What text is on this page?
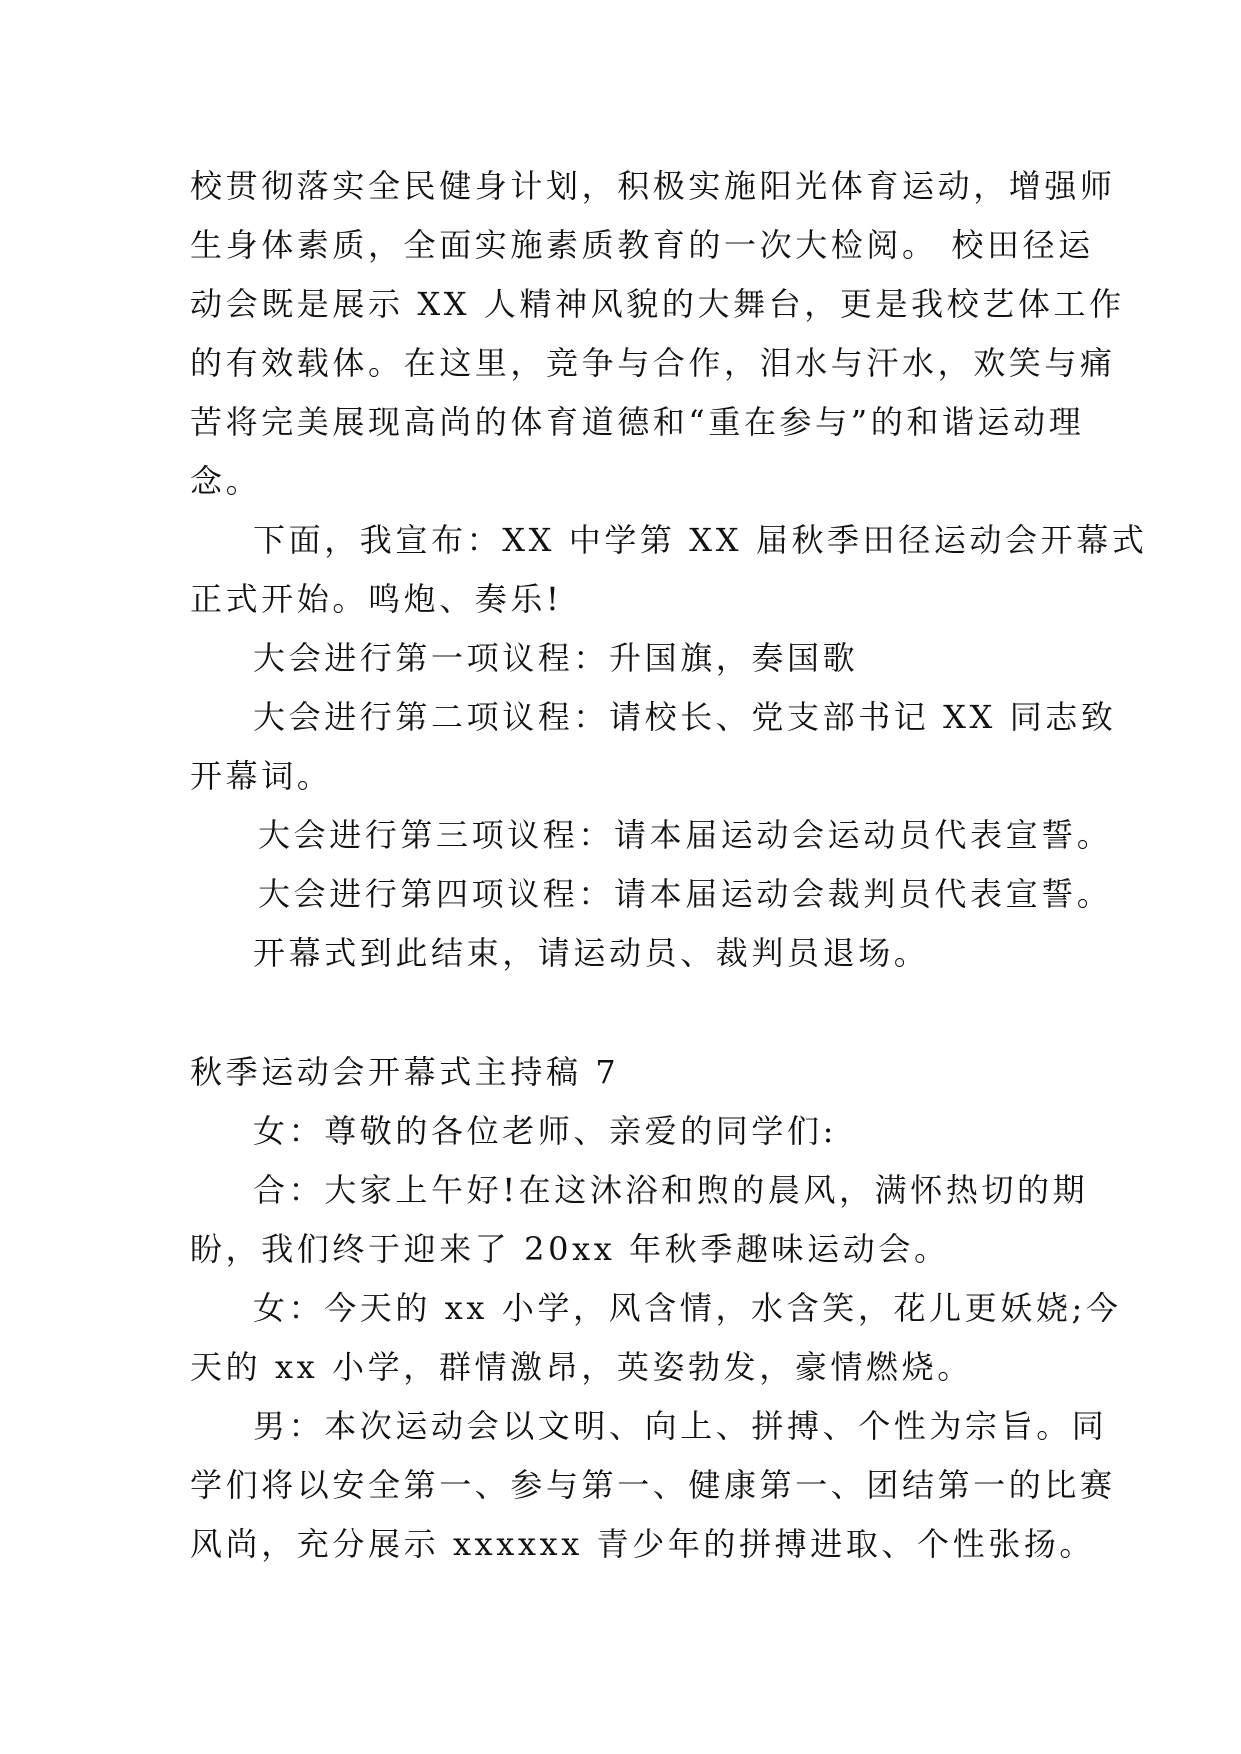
校贯彻落实全民健身计划，积极实施阳光体育运动，增强师
生身体素质，全面实施素质教育的一次大检阅。 校田径运
动会既是展示 XX 人精神风貌的大舞台，更是我校艺体工作
的有效载体。在这里，竞争与合作，泪水与汗水，欢笑与痛
苦将完美展现高尚的体育道德和“重在参与”的和谐运动理
念。
下面，我宣布：XX 中学第 XX 届秋季田径运动会开幕式
正式开始。鸣炮、奏乐!
大会进行第一项议程：升国旗，奏国歌
大会进行第二项议程：请校长、党支部书记 XX 同志致
开幕词。
大会进行第三项议程：请本届运动会运动员代表宣誓。
大会进行第四项议程：请本届运动会裁判员代表宣誓。
开幕式到此结束，请运动员、裁判员退场。
秋季运动会开幕式主持稿 7
女：尊敬的各位老师、亲爱的同学们:
合：大家上午好!在这沐浴和煦的晨风，满怀热切的期
盼，我们终于迎来了 20xx 年秋季趣味运动会。
女：今天的 xx 小学，风含情，水含笑，花儿更妖娆;今
天的 xx 小学，群情激昂，英姿勃发，豪情燃烧。
男：本次运动会以文明、向上、拼搏、个性为宗旨。同
学们将以安全第一、参与第一、健康第一、团结第一的比赛
风尚，充分展示 xxxxxx 青少年的拼搏进取、个性张扬。
